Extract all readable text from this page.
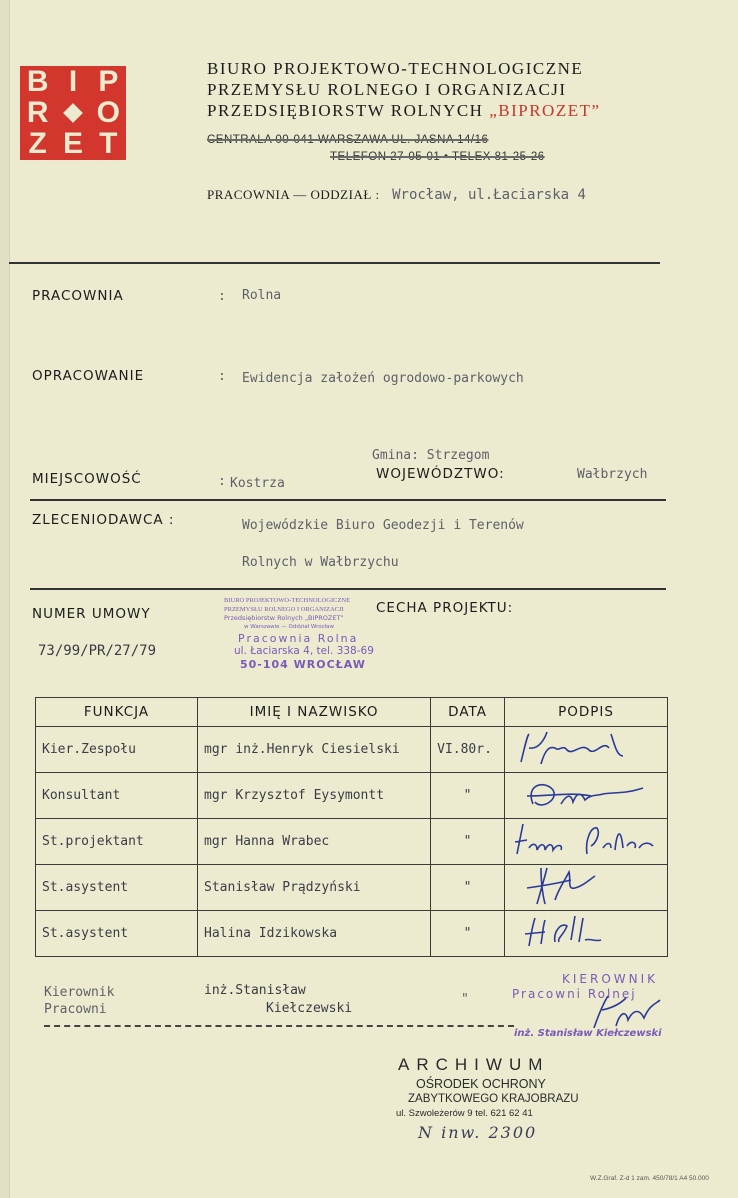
B I P
R O
Z E T
BIURO PROJEKTOWO-TECHNOLOGICZNE
PRZEMYSŁU ROLNEGO I ORGANIZACJI
PRZEDSIĘBIORSTW ROLNYCH „BIPROZET”
CENTRALA 00-041 WARSZAWA UL. JASNA 14/16
TELEFON 27-05-01 • TELEX 81-25-26
PRACOWNIA — ODDZIAŁ : Wrocław, ul.Łaciarska 4
PRACOWNIA	: Rolna
OPRACOWANIE	: Ewidencja założeń ogrodowo-parkowych
Gmina: Strzegom
MIEJSCOWOŚĆ	: Kostrza
WOJEWÓDZTWO:	Wałbrzych
ZLECENIODAWCA :	Wojewódzkie Biuro Geodezji i Terenów
Rolnych w Wałbrzychu
NUMER UMOWY
73/99/PR/27/79
CECHA PROJEKTU:
BIURO PROJEKTOWO-TECHNOLOGICZNE
PRZEMYSŁU ROLNEGO I ORGANIZACJI
Przedsiębiorstw Rolnych „BIPROZET”
w Warszawie — Oddział Wrocław
Pracownia Rolna
ul. Łaciarska 4, tel. 338-69
50-104 WROCŁAW
FUNKCJA	IMIĘ I NAZWISKO	DATA	PODPIS
Kier.Zespołu	mgr inż.Henryk Ciesielski	VI.80r.	
Konsultant	mgr Krzysztof Eysymontt	"	
St.projektant	mgr Hanna Wrabec	"	
St.asystent	Stanisław Prądzyński	"	
St.asystent	Halina Idzikowska	"	
Kierownik
Pracowni
inż.Stanisław
Kiełczewski
"
KIEROWNIK
Pracowni Rolnej
inż. Stanisław Kiełczewski
ARCHIWUM
OŚRODEK OCHRONY
ZABYTKOWEGO KRAJOBRAZU
ul. Szwoleżerów 9 tel. 621 62 41
N inw. 2300
W.Z.Graf. Z-d 1 zam. 450/78/1 A4 50.000
